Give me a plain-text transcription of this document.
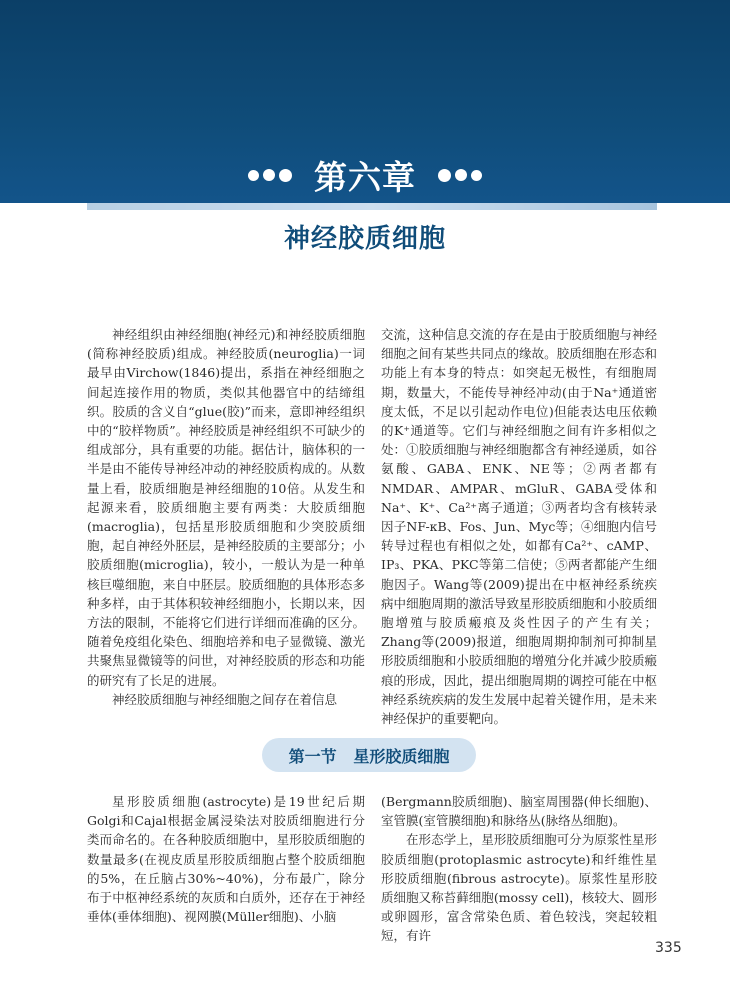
第六章
神经胶质细胞

神经组织由神经细胞(神经元)和神经胶质细胞(简称神经胶质)组成。神经胶质(neuroglia)一词最早由Virchow(1846)提出，系指在神经细胞之间起连接作用的物质，类似其他器官中的结缔组织。胶质的含义自“glue(胶)”而来，意即神经组织中的“胶样物质”。神经胶质是神经组织不可缺少的组成部分，具有重要的功能。据估计，脑体积的一半是由不能传导神经冲动的神经胶质构成的。从数量上看，胶质细胞是神经细胞的10倍。从发生和起源来看，胶质细胞主要有两类：大胶质细胞(macroglia)，包括星形胶质细胞和少突胶质细胞，起自神经外胚层，是神经胶质的主要部分；小胶质细胞(microglia)，较小，一般认为是一种单核巨噬细胞，来自中胚层。胶质细胞的具体形态多种多样，由于其体积较神经细胞小，长期以来，因方法的限制，不能将它们进行详细而准确的区分。随着免疫组化染色、细胞培养和电子显微镜、激光共聚焦显微镜等的问世，对神经胶质的形态和功能的研究有了长足的进展。

神经胶质细胞与神经细胞之间存在着信息

交流，这种信息交流的存在是由于胶质细胞与神经细胞之间有某些共同点的缘故。胶质细胞在形态和功能上有本身的特点：如突起无极性，有细胞周期，数量大，不能传导神经冲动(由于Na⁺通道密度太低，不足以引起动作电位)但能表达电压依赖的K⁺通道等。它们与神经细胞之间有许多相似之处：①胶质细胞与神经细胞都含有神经递质，如谷氨酸、GABA、ENK、NE等；②两者都有NMDAR、AMPAR、mGluR、GABA受体和Na⁺、K⁺、Ca²⁺离子通道；③两者均含有核转录因子NF-κB、Fos、Jun、Myc等；④细胞内信号转导过程也有相似之处，如都有Ca²⁺、cAMP、IP₃、PKA、PKC等第二信使；⑤两者都能产生细胞因子。Wang等(2009)提出在中枢神经系统疾病中细胞周期的激活导致星形胶质细胞和小胶质细胞增殖与胶质瘢痕及炎性因子的产生有关；Zhang等(2009)报道，细胞周期抑制剂可抑制星形胶质细胞和小胶质细胞的增殖分化并减少胶质瘢痕的形成，因此，提出细胞周期的调控可能在中枢神经系统疾病的发生发展中起着关键作用，是未来神经保护的重要靶向。

第一节   星形胶质细胞

星形胶质细胞(astrocyte)是19世纪后期Golgi和Cajal根据金属浸染法对胶质细胞进行分类而命名的。在各种胶质细胞中，星形胶质细胞的数量最多(在视皮质星形胶质细胞占整个胶质细胞的5%，在丘脑占30%~40%)，分布最广，除分布于中枢神经系统的灰质和白质外，还存在于神经垂体(垂体细胞)、视网膜(Müller细胞)、小脑

(Bergmann胶质细胞)、脑室周围器(伸长细胞)、室管膜(室管膜细胞)和脉络丛(脉络丛细胞)。

在形态学上，星形胶质细胞可分为原浆性星形胶质细胞(protoplasmic astrocyte)和纤维性星形胶质细胞(fibrous astrocyte)。原浆性星形胶质细胞又称苔藓细胞(mossy cell)，核较大、圆形或卵圆形，富含常染色质、着色较浅，突起较粗短，有许

335
